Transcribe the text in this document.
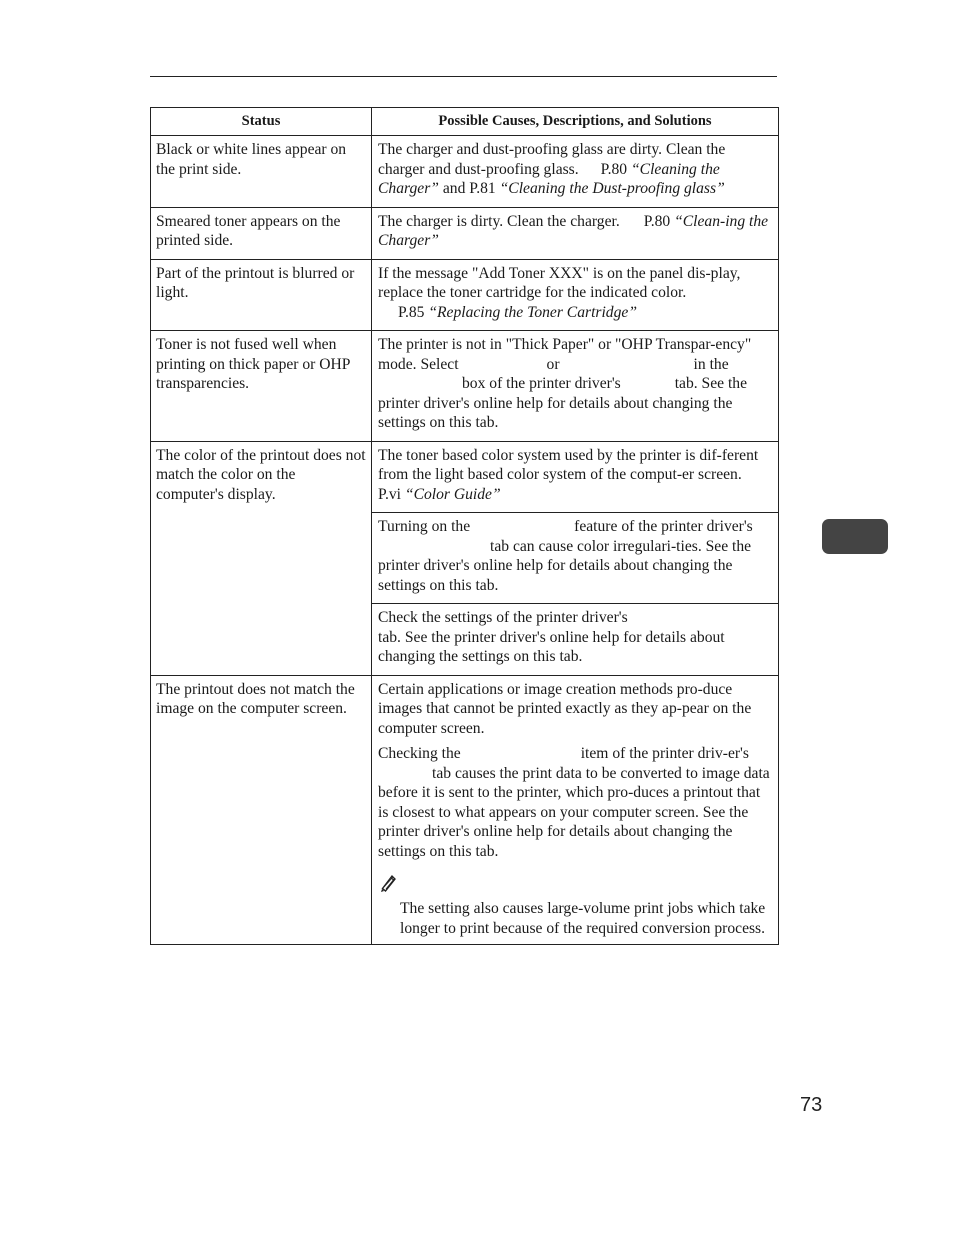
Status	Possible Causes, Descriptions, and Solutions
Black or white lines appear on the print side.	The charger and dust-proofing glass are dirty. Clean the charger and dust-proofing glass. P.80 “Cleaning the Charger” and P.81 “Cleaning the Dust-proofing glass”

Smeared toner appears on the printed side.	The charger is dirty. Clean the charger. P.80 “Clean-ing the Charger”

Part of the printout is blurred or light.	If the message "Add Toner XXX" is on the panel dis-play, replace the toner cartridge for the indicated color.
P.85 “Replacing the Toner Cartridge”

Toner is not fused well when printing on thick paper or OHP transparencies.	The printer is not in "Thick Paper" or "OHP Transpar-ency" mode. Select or in thebox of the printer driver's tab. See the printer driver's online help for details about changing the settings on this tab.

The color of the printout does not match the color on the computer's display.	The toner based color system used by the printer is dif-ferent from the light based color system of the comput-er screen.P.vi “Color Guide”
Turning on the feature of the printer driver'stab can cause color irregulari-ties. See the printer driver's online help for details about changing the settings on this tab.
Check the settings of the printer driver's
tab. See the printer driver's online help for details about changing the settings on this tab.

The printout does not match the image on the computer screen.	Certain applications or image creation methods pro-duce images that cannot be printed exactly as they ap-pear on the computer screen.
Checking the item of the printer driv-er'stab causes the print data to be converted to image data before it is sent to the printer, which pro-duces a printout that is closest to what appears on your computer screen. See the printer driver's online help for details about changing the settings on this tab.
The setting also causes large-volume print jobs which take longer to print because of the required conversion process.
73
